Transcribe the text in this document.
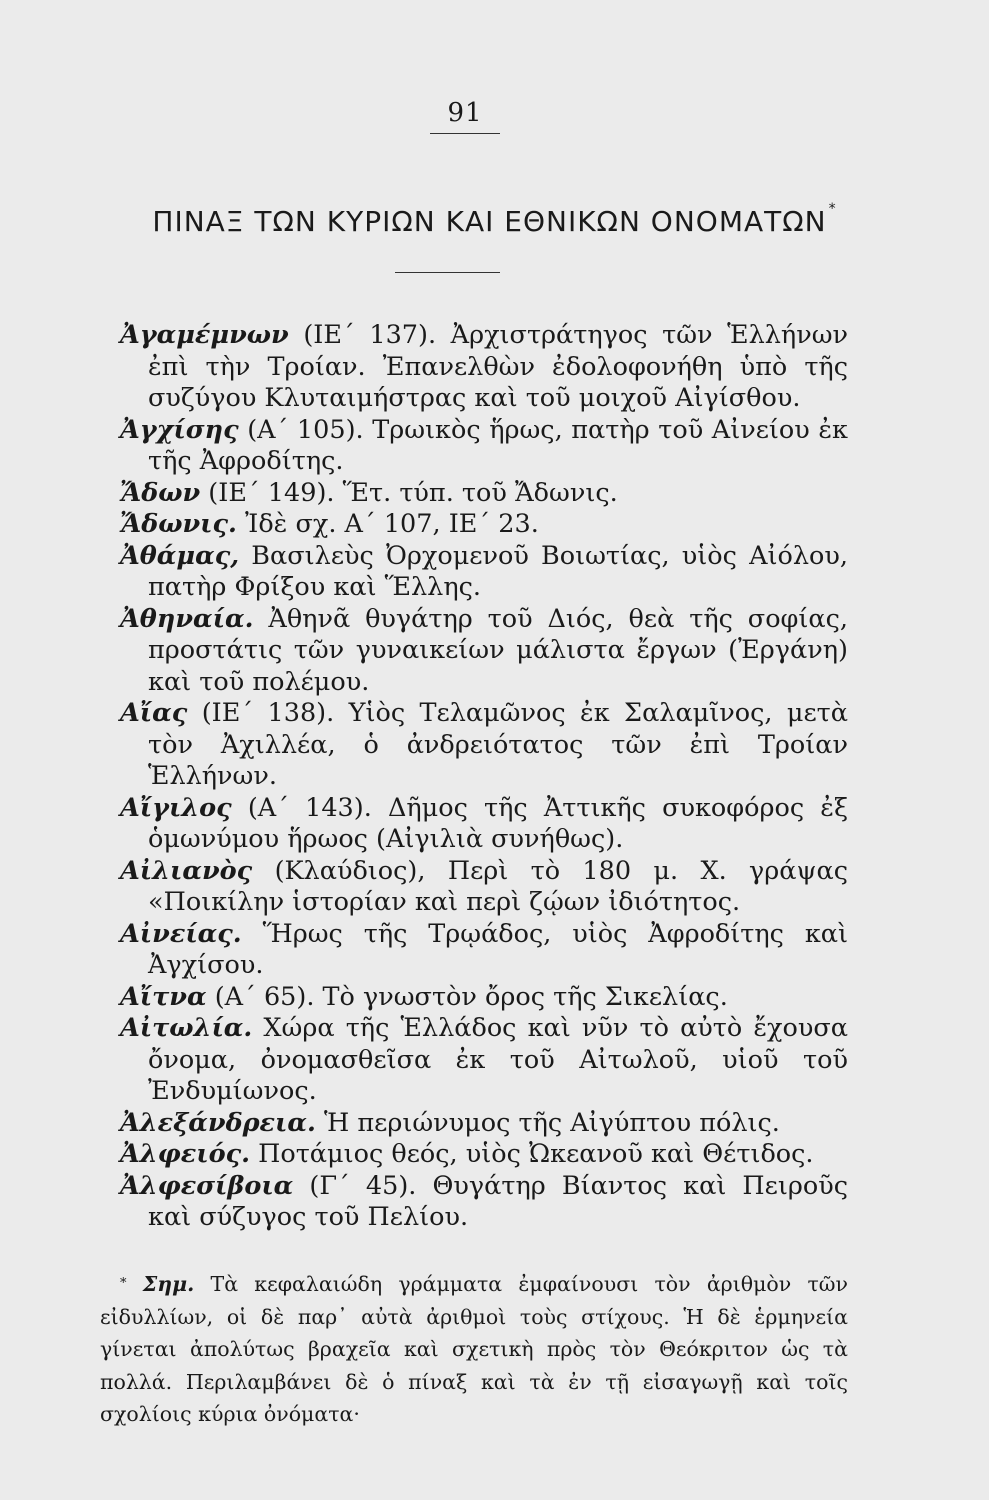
91
ΠΙΝΑΞ ΤΩΝ ΚΥΡΙΩΝ ΚΑΙ ΕΘΝΙΚΩΝ ΟΝΟΜΑΤΩΝ *

Ἀγαμέμνων (ΙΕ΄ 137). Ἀρχιστράτηγος τῶν Ἑλλήνων ἐπὶ τὴν Τροίαν. Ἐπανελθὼν ἐδολοφονήθη ὑπὸ τῆς συζύγου Κλυταιμήστρας καὶ τοῦ μοιχοῦ Αἰγίσθου.

Ἀγχίσης (Α΄ 105). Τρωικὸς ἥρως, πατὴρ τοῦ Αἰνείου ἐκ τῆς Ἀφροδίτης.

Ἄδων (ΙΕ΄ 149). Ἕτ. τύπ. τοῦ Ἄδωνις.

Ἄδωνις. Ἰδὲ σχ. Α΄ 107, ΙΕ΄ 23.

Ἀθάμας, Βασιλεὺς Ὀρχομενοῦ Βοιωτίας, υἱὸς Αἰόλου, πατὴρ Φρίξου καὶ Ἕλλης.

Ἀθηναία. Ἀθηνᾶ θυγάτηρ τοῦ Διός, θεὰ τῆς σοφίας, προστάτις τῶν γυναικείων μάλιστα ἔργων (Ἐργάνη) καὶ τοῦ πολέμου.

Αἴας (ΙΕ΄ 138). Υἱὸς Τελαμῶνος ἐκ Σαλαμῖνος, μετὰ τὸν Ἀχιλλέα, ὁ ἀνδρειότατος τῶν ἐπὶ Τροίαν Ἑλλήνων.

Αἴγιλος (Α΄ 143). Δῆμος τῆς Ἀττικῆς συκοφόρος ἐξ ὁμωνύμου ἥρωος (Αἰγιλιὰ συνήθως).

Αἰλιανὸς (Κλαύδιος), Περὶ τὸ 180 μ. Χ. γράψας «Ποικίλην ἱστορίαν καὶ περὶ ζῴων ἰδιότητος.

Αἰνείας. Ἥρως τῆς Τρῳάδος, υἱὸς Ἀφροδίτης καὶ Ἀγχίσου.

Αἴτνα (Α΄ 65). Τὸ γνωστὸν ὄρος τῆς Σικελίας.

Αἰτωλία. Χώρα τῆς Ἑλλάδος καὶ νῦν τὸ αὐτὸ ἔχουσα ὄνομα, ὀνομασθεῖσα ἐκ τοῦ Αἰτωλοῦ, υἱοῦ τοῦ Ἐνδυμίωνος.

Ἀλεξάνδρεια. Ἡ περιώνυμος τῆς Αἰγύπτου πόλις.

Ἀλφειός. Ποτάμιος θεός, υἱὸς Ὠκεανοῦ καὶ Θέτιδος.

Ἀλφεσίβοια (Γ΄ 45). Θυγάτηρ Βίαντος καὶ Πειροῦς καὶ σύζυγος τοῦ Πελίου.

* Σημ. Τὰ κεφαλαιώδη γράμματα ἐμφαίνουσι τὸν ἀριθμὸν τῶν εἰδυλλίων, οἱ δὲ παρ᾿ αὐτὰ ἀριθμοὶ τοὺς στίχους. Ἡ δὲ ἑρμηνεία γίνεται ἀπολύτως βραχεῖα καὶ σχετικὴ πρὸς τὸν Θεόκριτον ὡς τὰ πολλά. Περιλαμβάνει δὲ ὁ πίναξ καὶ τὰ ἐν τῇ εἰσαγωγῇ καὶ τοῖς σχολίοις κύρια ὀνόματα·
